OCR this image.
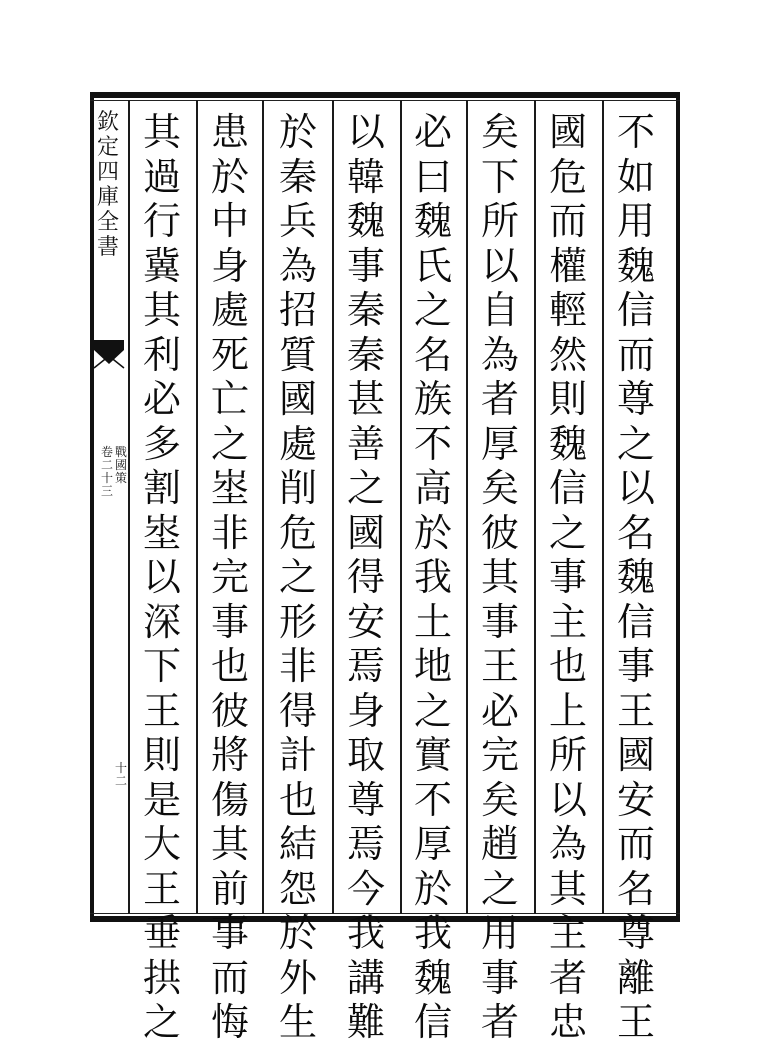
欽定四庫全書
戰國策
卷二十三
十二
不如用魏信而尊之以名魏信事王國安而名尊離王
國危而權輕然則魏信之事主也上所以為其主者忠
矣下所以自為者厚矣彼其事王必完矣趙之用事者
必曰魏氏之名族不高於我土地之實不厚於我魏信
以韓魏事秦秦甚善之國得安焉身取尊焉今我講難
於秦兵為招質國處削危之形非得計也結怨於外生
患於中身處死亡之埊非完事也彼將傷其前事而悔
其過行冀其利必多割埊以深下王則是大王垂拱之
